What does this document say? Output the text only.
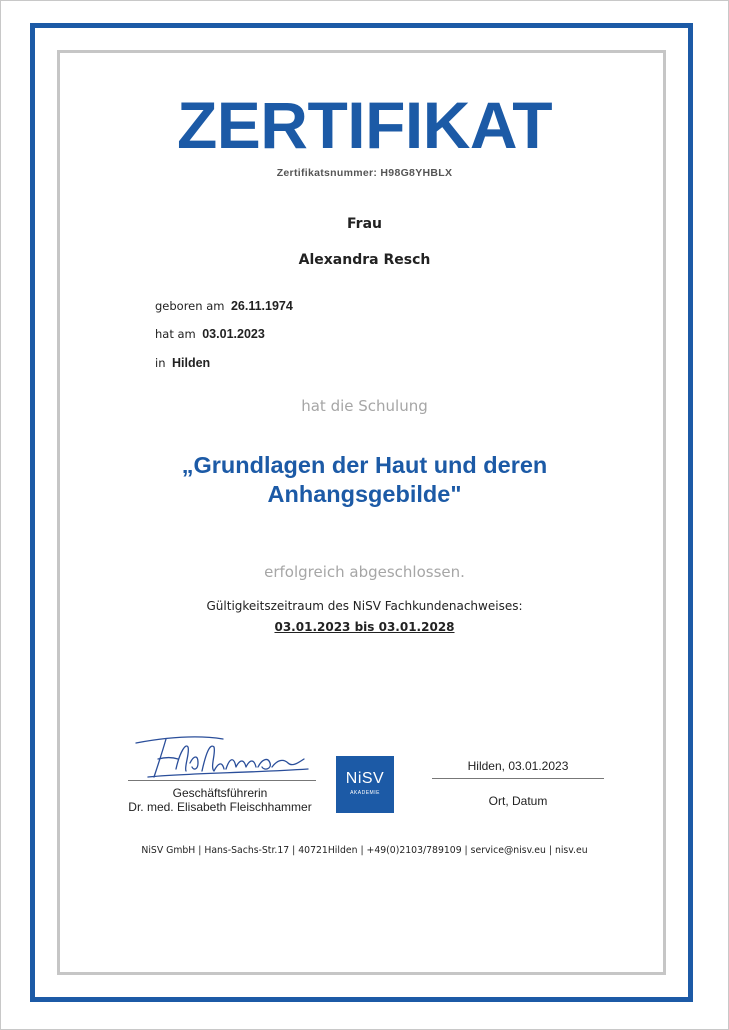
ZERTIFIKAT
Zertifikatsnummer: H98G8YHBLX
Frau
Alexandra Resch
geboren am 26.11.1974
hat am 03.01.2023
in Hilden
hat die Schulung
„Grundlagen der Haut und deren
Anhangsgebilde"
erfolgreich abgeschlossen.
Gültigkeitszeitraum des NiSV Fachkundenachweises:
03.01.2023 bis 03.01.2028
Geschäftsführerin
Dr. med. Elisabeth Fleischhammer
NiSV
AKADEMIE
Hilden, 03.01.2023
Ort, Datum
NiSV GmbH | Hans-Sachs-Str.17 | 40721Hilden | +49(0)2103/789109 | service@nisv.eu | nisv.eu
